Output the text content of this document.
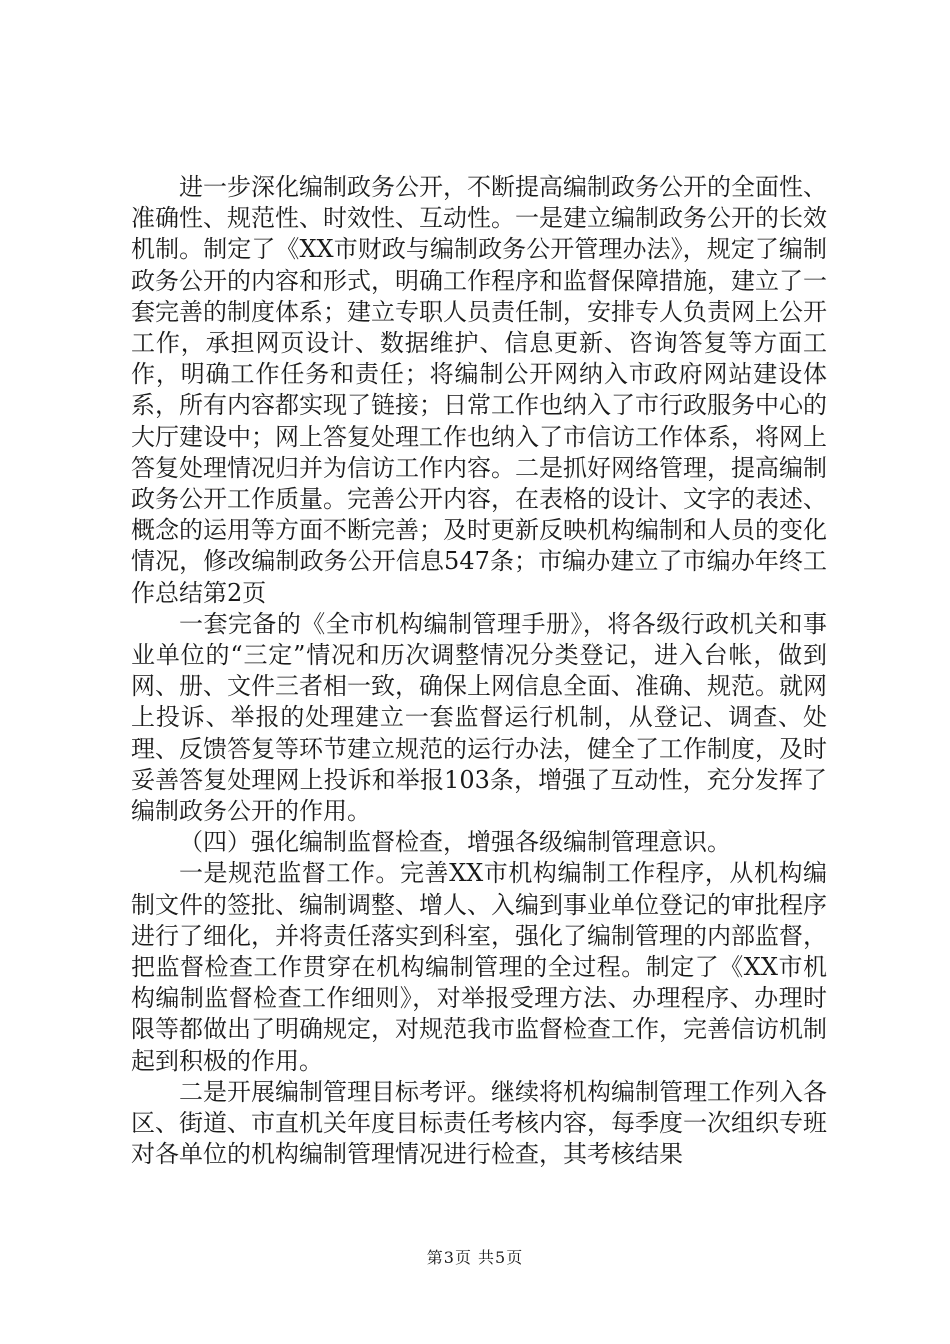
进一步深化编制政务公开，不断提高编制政务公开的全面性、准确性、规范性、时效性、互动性。一是建立编制政务公开的长效机制。制定了《XX市财政与编制政务公开管理办法》，规定了编制政务公开的内容和形式，明确工作程序和监督保障措施，建立了一套完善的制度体系；建立专职人员责任制，安排专人负责网上公开工作，承担网页设计、数据维护、信息更新、咨询答复等方面工作，明确工作任务和责任；将编制公开网纳入市政府网站建设体系，所有内容都实现了链接；日常工作也纳入了市行政服务中心的大厅建设中；网上答复处理工作也纳入了市信访工作体系，将网上答复处理情况归并为信访工作内容。二是抓好网络管理，提高编制政务公开工作质量。完善公开内容，在表格的设计、文字的表述、概念的运用等方面不断完善；及时更新反映机构编制和人员的变化情况，修改编制政务公开信息547条；市编办建立了市编办年终工作总结第2页

一套完备的《全市机构编制管理手册》，将各级行政机关和事业单位的“三定”情况和历次调整情况分类登记，进入台帐，做到网、册、文件三者相一致，确保上网信息全面、准确、规范。就网上投诉、举报的处理建立一套监督运行机制，从登记、调查、处理、反馈答复等环节建立规范的运行办法，健全了工作制度，及时妥善答复处理网上投诉和举报103条，增强了互动性，充分发挥了编制政务公开的作用。

（四）强化编制监督检查，增强各级编制管理意识。

一是规范监督工作。完善XX市机构编制工作程序，从机构编制文件的签批、编制调整、增人、入编到事业单位登记的审批程序进行了细化，并将责任落实到科室，强化了编制管理的内部监督，把监督检查工作贯穿在机构编制管理的全过程。制定了《XX市机构编制监督检查工作细则》，对举报受理方法、办理程序、办理时限等都做出了明确规定，对规范我市监督检查工作，完善信访机制起到积极的作用。

二是开展编制管理目标考评。继续将机构编制管理工作列入各区、街道、市直机关年度目标责任考核内容，每季度一次组织专班对各单位的机构编制管理情况进行检查，其考核结果

第3页 共5页
